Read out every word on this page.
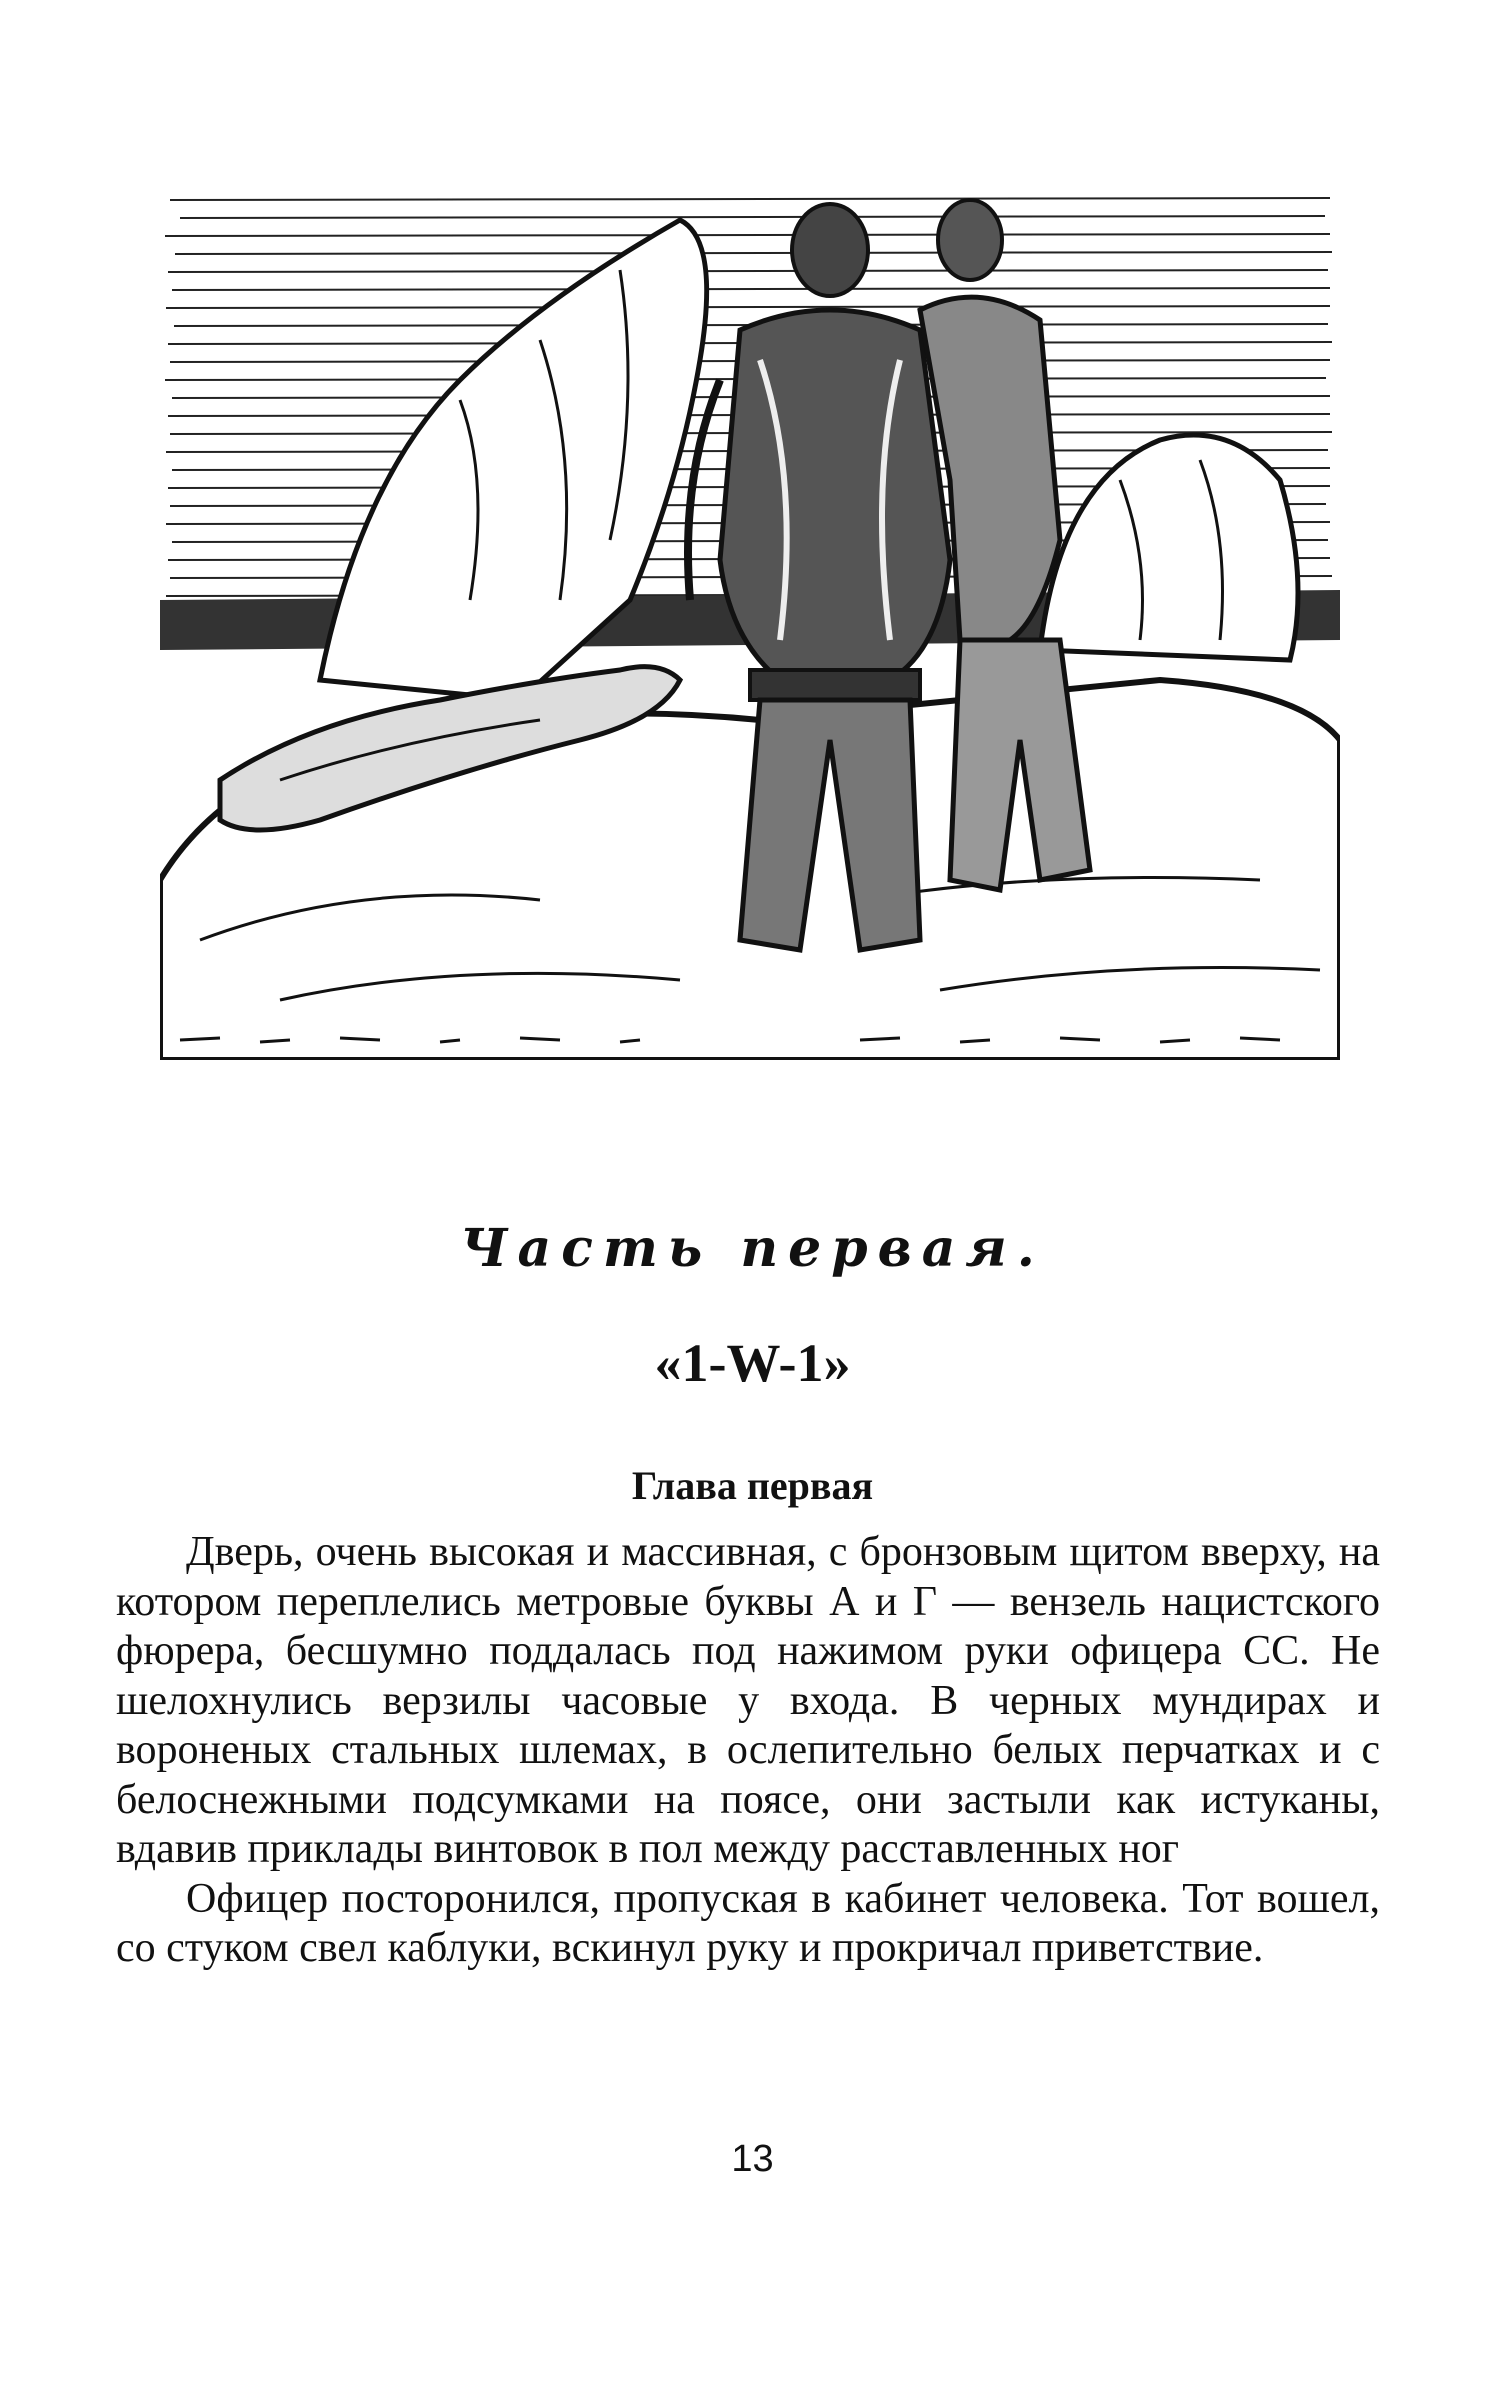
Часть первая.
«1-W-1»
Глава первая

Дверь, очень высокая и массивная, с бронзовым щитом вверху, на котором переплелись метровые буквы А и Г — вензель нацистского фюрера, бесшумно поддалась под нажимом руки офицера СС. Не шелохнулись верзилы часовые у входа. В черных мундирах и вороненых стальных шлемах, в ослепительно белых перчатках и с белоснежными подсумками на поясе, они застыли как истуканы, вдавив приклады винтовок в пол между расставленных ног

Офицер посторонился, пропуская в кабинет человека. Тот вошел, со стуком свел каблуки, вскинул руку и прокричал приветствие.

13
